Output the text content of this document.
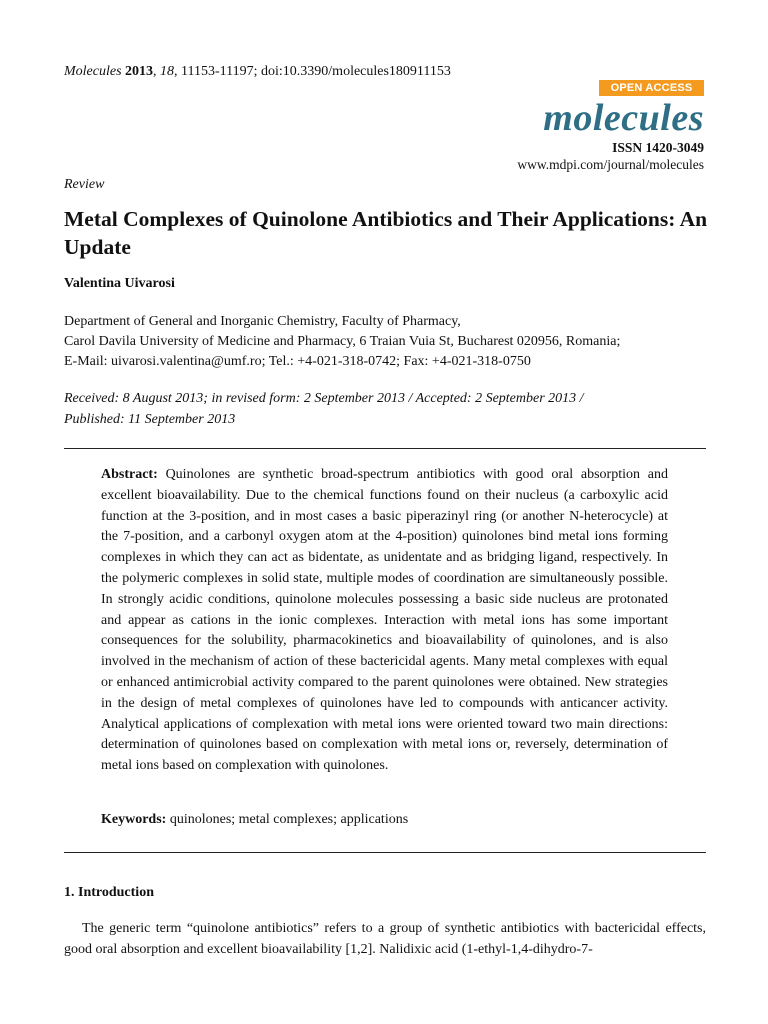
Molecules 2013, 18, 11153-11197; doi:10.3390/molecules180911153
OPEN ACCESS
molecules
ISSN 1420-3049
www.mdpi.com/journal/molecules
Review
Metal Complexes of Quinolone Antibiotics and Their Applications: An Update
Valentina Uivarosi
Department of General and Inorganic Chemistry, Faculty of Pharmacy,
Carol Davila University of Medicine and Pharmacy, 6 Traian Vuia St, Bucharest 020956, Romania;
E-Mail: uivarosi.valentina@umf.ro; Tel.: +4-021-318-0742; Fax: +4-021-318-0750
Received: 8 August 2013; in revised form: 2 September 2013 / Accepted: 2 September 2013 /
Published: 11 September 2013

Abstract: Quinolones are synthetic broad-spectrum antibiotics with good oral absorption and excellent bioavailability. Due to the chemical functions found on their nucleus (a carboxylic acid function at the 3-position, and in most cases a basic piperazinyl ring (or another N-heterocycle) at the 7-position, and a carbonyl oxygen atom at the 4-position) quinolones bind metal ions forming complexes in which they can act as bidentate, as unidentate and as bridging ligand, respectively. In the polymeric complexes in solid state, multiple modes of coordination are simultaneously possible. In strongly acidic conditions, quinolone molecules possessing a basic side nucleus are protonated and appear as cations in the ionic complexes. Interaction with metal ions has some important consequences for the solubility, pharmacokinetics and bioavailability of quinolones, and is also involved in the mechanism of action of these bactericidal agents. Many metal complexes with equal or enhanced antimicrobial activity compared to the parent quinolones were obtained. New strategies in the design of metal complexes of quinolones have led to compounds with anticancer activity. Analytical applications of complexation with metal ions were oriented toward two main directions: determination of quinolones based on complexation with metal ions or, reversely, determination of metal ions based on complexation with quinolones.

Keywords: quinolones; metal complexes; applications
1. Introduction

The generic term “quinolone antibiotics” refers to a group of synthetic antibiotics with bactericidal effects, good oral absorption and excellent bioavailability [1,2]. Nalidixic acid (1-ethyl-1,4-dihydro-7-
